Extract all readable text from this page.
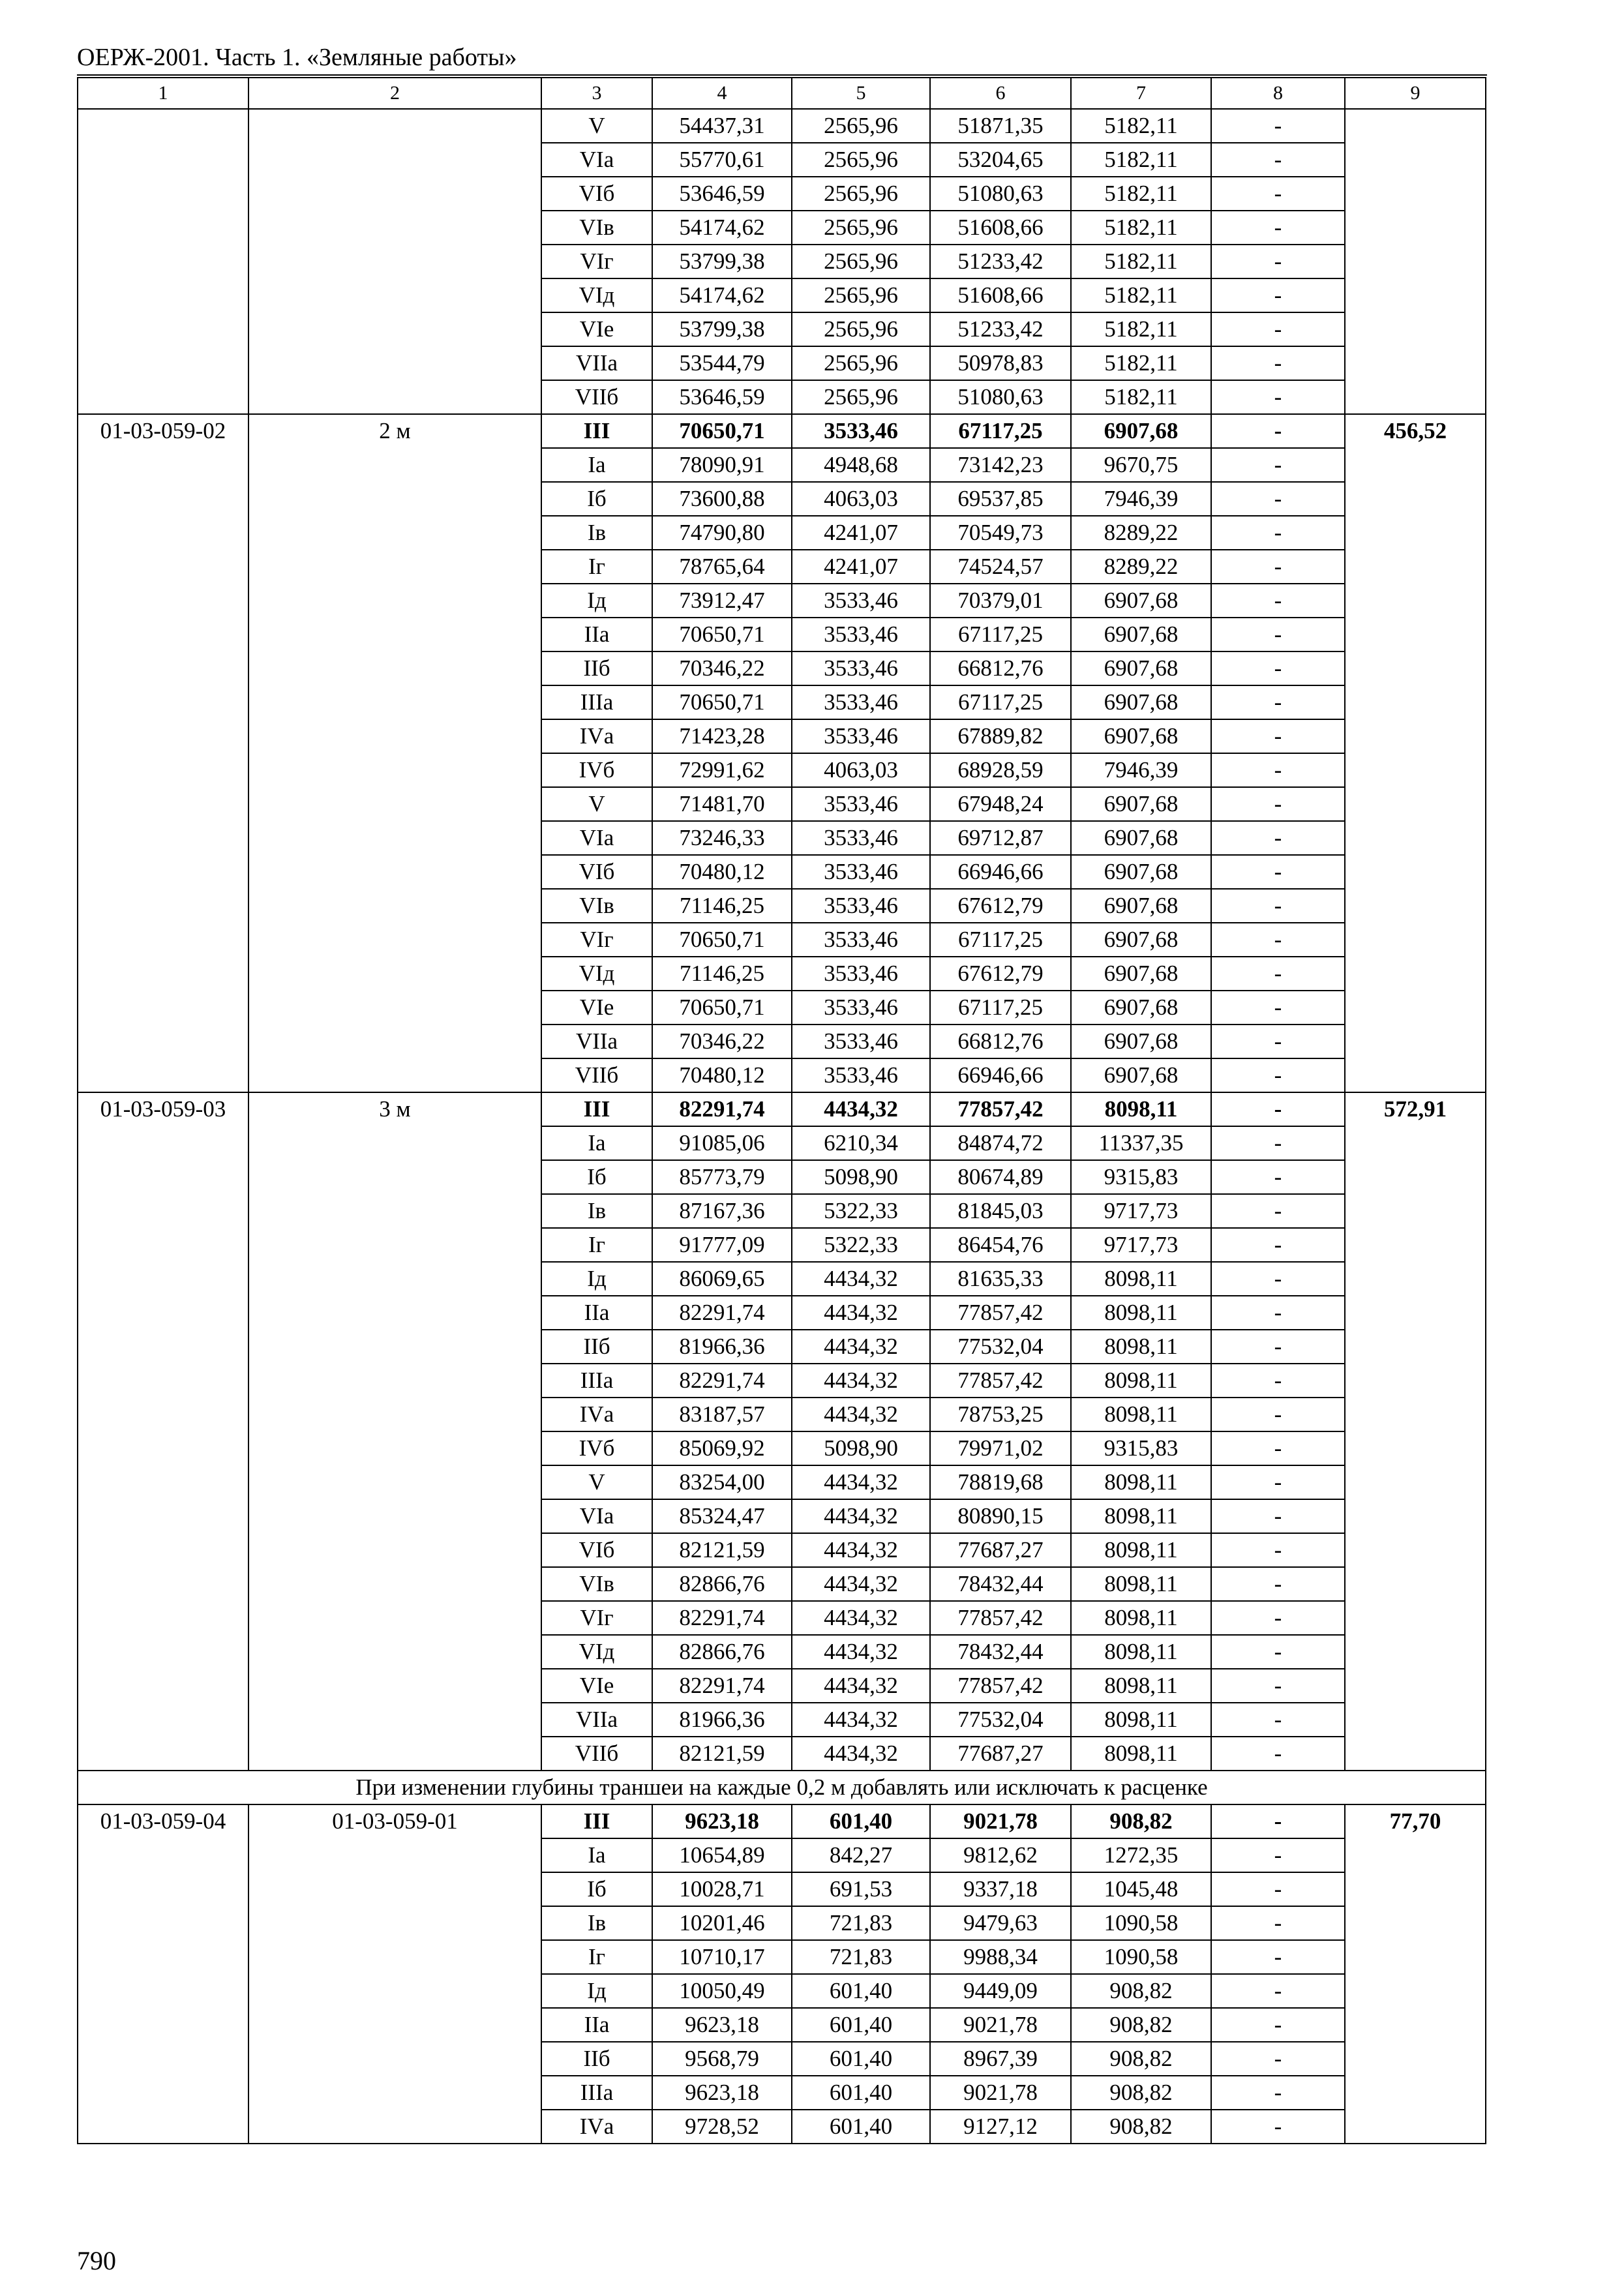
ОЕРЖ-2001. Часть 1. «Земляные работы»
1	2	3	4	5	6	7	8	9
		V	54437,31	2565,96	51871,35	5182,11	-	
		VIа	55770,61	2565,96	53204,65	5182,11	-	
		VIб	53646,59	2565,96	51080,63	5182,11	-	
		VIв	54174,62	2565,96	51608,66	5182,11	-	
		VIг	53799,38	2565,96	51233,42	5182,11	-	
		VIд	54174,62	2565,96	51608,66	5182,11	-	
		VIе	53799,38	2565,96	51233,42	5182,11	-	
		VIIа	53544,79	2565,96	50978,83	5182,11	-	
		VIIб	53646,59	2565,96	51080,63	5182,11	-	
01-03-059-02	2 м	III	70650,71	3533,46	67117,25	6907,68	-	456,52
		Iа	78090,91	4948,68	73142,23	9670,75	-	
		Iб	73600,88	4063,03	69537,85	7946,39	-	
		Iв	74790,80	4241,07	70549,73	8289,22	-	
		Iг	78765,64	4241,07	74524,57	8289,22	-	
		Iд	73912,47	3533,46	70379,01	6907,68	-	
		IIа	70650,71	3533,46	67117,25	6907,68	-	
		IIб	70346,22	3533,46	66812,76	6907,68	-	
		IIIа	70650,71	3533,46	67117,25	6907,68	-	
		IVа	71423,28	3533,46	67889,82	6907,68	-	
		IVб	72991,62	4063,03	68928,59	7946,39	-	
		V	71481,70	3533,46	67948,24	6907,68	-	
		VIа	73246,33	3533,46	69712,87	6907,68	-	
		VIб	70480,12	3533,46	66946,66	6907,68	-	
		VIв	71146,25	3533,46	67612,79	6907,68	-	
		VIг	70650,71	3533,46	67117,25	6907,68	-	
		VIд	71146,25	3533,46	67612,79	6907,68	-	
		VIе	70650,71	3533,46	67117,25	6907,68	-	
		VIIа	70346,22	3533,46	66812,76	6907,68	-	
		VIIб	70480,12	3533,46	66946,66	6907,68	-	
01-03-059-03	3 м	III	82291,74	4434,32	77857,42	8098,11	-	572,91
		Iа	91085,06	6210,34	84874,72	11337,35	-	
		Iб	85773,79	5098,90	80674,89	9315,83	-	
		Iв	87167,36	5322,33	81845,03	9717,73	-	
		Iг	91777,09	5322,33	86454,76	9717,73	-	
		Iд	86069,65	4434,32	81635,33	8098,11	-	
		IIа	82291,74	4434,32	77857,42	8098,11	-	
		IIб	81966,36	4434,32	77532,04	8098,11	-	
		IIIа	82291,74	4434,32	77857,42	8098,11	-	
		IVа	83187,57	4434,32	78753,25	8098,11	-	
		IVб	85069,92	5098,90	79971,02	9315,83	-	
		V	83254,00	4434,32	78819,68	8098,11	-	
		VIа	85324,47	4434,32	80890,15	8098,11	-	
		VIб	82121,59	4434,32	77687,27	8098,11	-	
		VIв	82866,76	4434,32	78432,44	8098,11	-	
		VIг	82291,74	4434,32	77857,42	8098,11	-	
		VIд	82866,76	4434,32	78432,44	8098,11	-	
		VIе	82291,74	4434,32	77857,42	8098,11	-	
		VIIа	81966,36	4434,32	77532,04	8098,11	-	
		VIIб	82121,59	4434,32	77687,27	8098,11	-	
При изменении глубины траншеи на каждые 0,2 м добавлять или исключать к расценке								
01-03-059-04	01-03-059-01	III	9623,18	601,40	9021,78	908,82	-	77,70
		Iа	10654,89	842,27	9812,62	1272,35	-	
		Iб	10028,71	691,53	9337,18	1045,48	-	
		Iв	10201,46	721,83	9479,63	1090,58	-	
		Iг	10710,17	721,83	9988,34	1090,58	-	
		Iд	10050,49	601,40	9449,09	908,82	-	
		IIа	9623,18	601,40	9021,78	908,82	-	
		IIб	9568,79	601,40	8967,39	908,82	-	
		IIIа	9623,18	601,40	9021,78	908,82	-	
		IVа	9728,52	601,40	9127,12	908,82	-	
790
